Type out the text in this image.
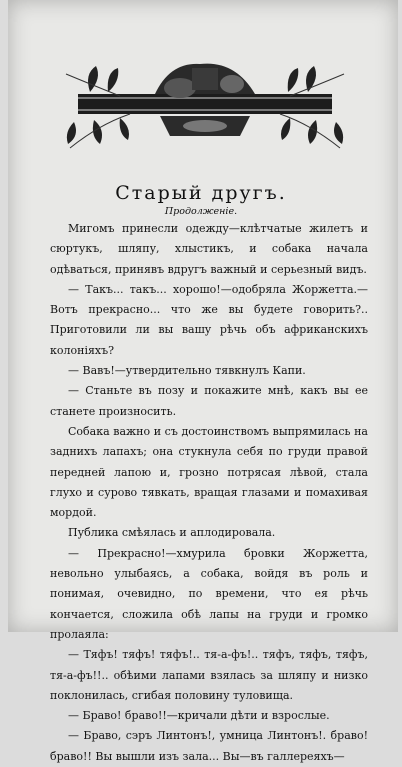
Старый другъ.
Продолженіе.

Мигомъ принесли одежду—клѣтчатые жилетъ и сюртукъ, шляпу, хлыстикъ, и собака начала одѣваться, принявъ вдругъ важный и серьезный видъ.

— Такъ... такъ... хорошо!—одобряла Жоржетта.— Вотъ прекрасно... что же вы будете говорить?.. Приготовили ли вы вашу рѣчь объ африканскихъ колоніяхъ?

— Вавъ!—утвердительно тявкнулъ Капи.

— Станьте въ позу и покажите мнѣ, какъ вы ее станете произносить.

Собака важно и съ достоинствомъ выпрямилась на заднихъ лапахъ; она стукнула себя по груди правой передней лапою и, грозно потрясая лѣвой, стала глухо и сурово тявкать, вращая глазами и помахивая мордой.

Публика смѣялась и аплодировала.

— Прекрасно!—хмурила бровки Жоржетта, невольно улыбаясь, а собака, войдя въ роль и понимая, очевидно, по времени, что ея рѣчь кончается, сложила обѣ лапы на груди и громко пролаяла:

— Тяфъ! тяфъ! тяфъ!.. тя-а-фъ!.. тяфъ, тяфъ, тяфъ, тя-а-фъ!!.. обѣими лапами взялась за шляпу и низко поклонилась, сгибая половину туловища.

— Браво! браво!!—кричали дѣти и взрослые.

— Браво, сэръ Линтонъ!, умница Линтонъ!. браво! браво!! Вы вышли изъ зала... Вы—въ галлереяхъ—
